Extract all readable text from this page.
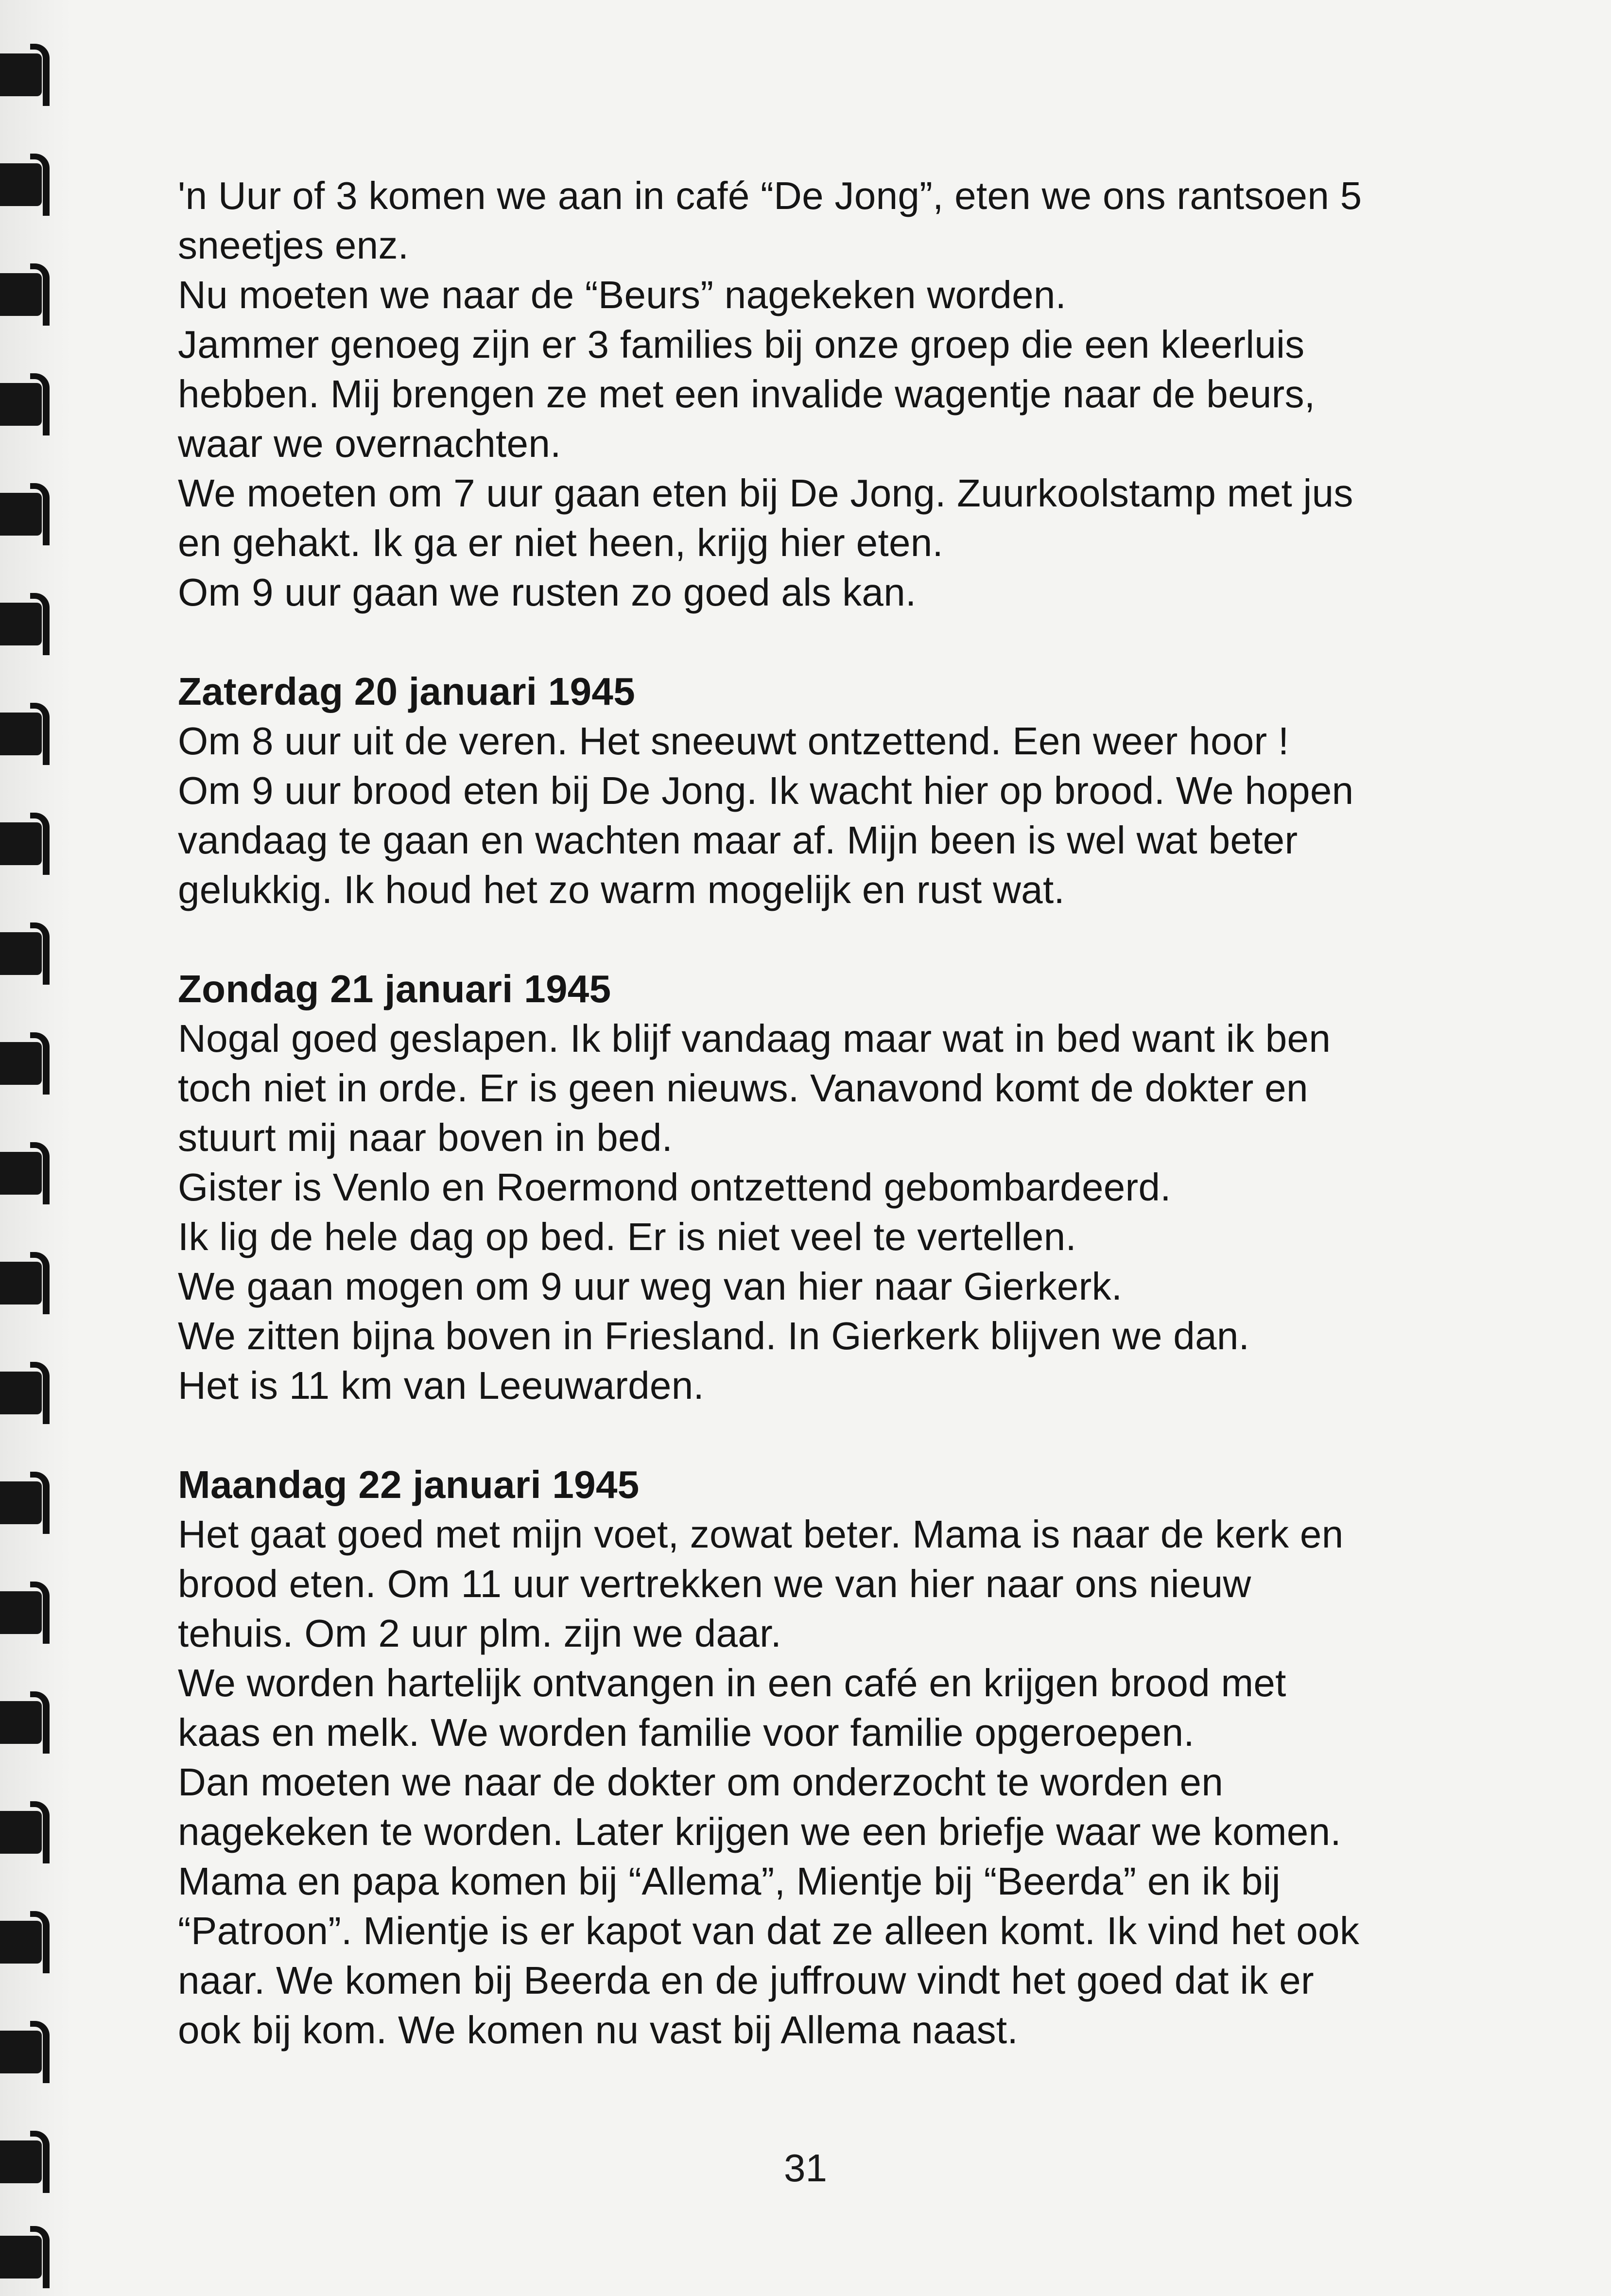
'n Uur of 3 komen we aan in café “De Jong”, eten we ons rantsoen 5
sneetjes enz.
Nu moeten we naar de “Beurs” nagekeken worden.
Jammer genoeg zijn er 3 families bij onze groep die een kleerluis
hebben. Mij brengen ze met een invalide wagentje naar de beurs,
waar we overnachten.
We moeten om 7 uur gaan eten bij De Jong. Zuurkoolstamp met jus
en gehakt. Ik ga er niet heen, krijg hier eten.
Om 9 uur gaan we rusten zo goed als kan.

Zaterdag 20 januari 1945
Om 8 uur uit de veren. Het sneeuwt ontzettend. Een weer hoor !
Om 9 uur brood eten bij De Jong. Ik wacht hier op brood. We hopen
vandaag te gaan en wachten maar af. Mijn been is wel wat beter
gelukkig. Ik houd het zo warm mogelijk en rust wat.
Zondag 21 januari 1945
Nogal goed geslapen. Ik blijf vandaag maar wat in bed want ik ben
toch niet in orde. Er is geen nieuws. Vanavond komt de dokter en
stuurt mij naar boven in bed.
Gister is Venlo en Roermond ontzettend gebombardeerd.
Ik lig de hele dag op bed. Er is niet veel te vertellen.
We gaan mogen om 9 uur weg van hier naar Gierkerk.
We zitten bijna boven in Friesland. In Gierkerk blijven we dan.
Het is 11 km van Leeuwarden.
Maandag 22 januari 1945
Het gaat goed met mijn voet, zowat beter. Mama is naar de kerk en
brood eten. Om 11 uur vertrekken we van hier naar ons nieuw
tehuis. Om 2 uur plm. zijn we daar.
We worden hartelijk ontvangen in een café en krijgen brood met
kaas en melk. We worden familie voor familie opgeroepen.
Dan moeten we naar de dokter om onderzocht te worden en
nagekeken te worden. Later krijgen we een briefje waar we komen.
Mama en papa komen bij “Allema”, Mientje bij “Beerda” en ik bij
“Patroon”. Mientje is er kapot van dat ze alleen komt. Ik vind het ook
naar. We komen bij Beerda en de juffrouw vindt het goed dat ik er
ook bij kom. We komen nu vast bij Allema naast.
31
